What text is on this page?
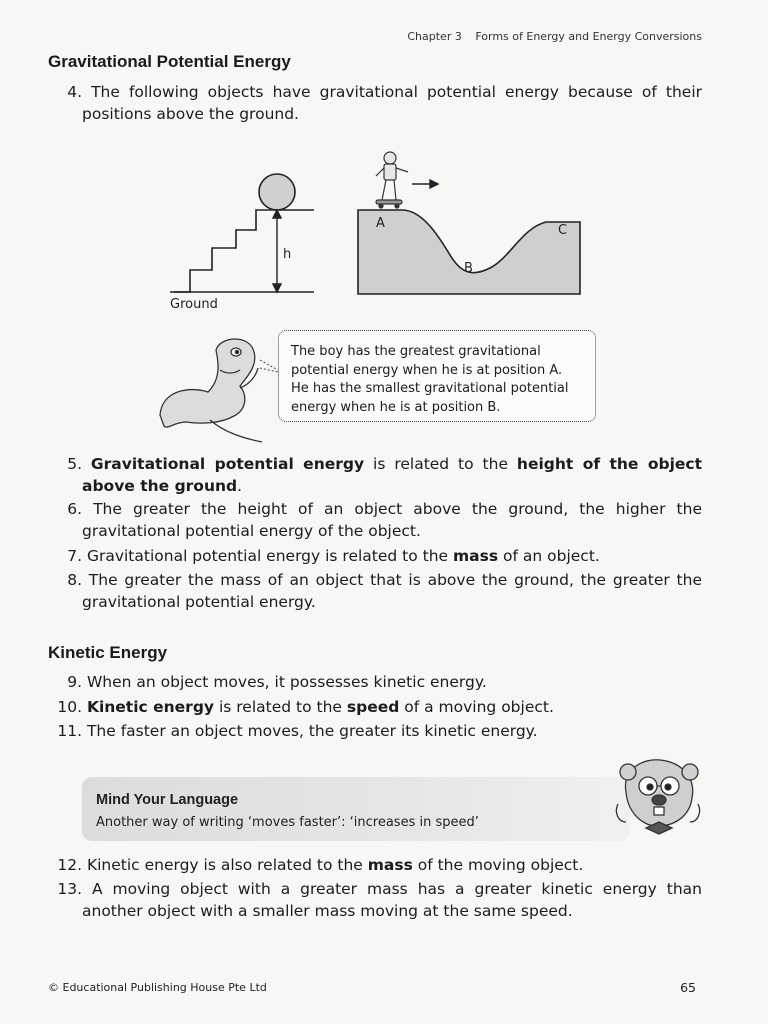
Chapter 3 Forms of Energy and Energy Conversions
Gravitational Potential Energy
4. The following objects have gravitational potential energy because of their positions above the ground.
h
A
B
C
Ground
The boy has the greatest gravitational
potential energy when he is at position A.
He has the smallest gravitational potential
energy when he is at position B.
5. Gravitational potential energy is related to the height of the object above the ground.
6. The greater the height of an object above the ground, the higher the gravitational potential energy of the object.
7. Gravitational potential energy is related to the mass of an object.
8. The greater the mass of an object that is above the ground, the greater the gravitational potential energy.
Kinetic Energy
9. When an object moves, it possesses kinetic energy.
10. Kinetic energy is related to the speed of a moving object.
11. The faster an object moves, the greater its kinetic energy.
Mind Your Language
Another way of writing ‘moves faster’: ‘increases in speed’
12. Kinetic energy is also related to the mass of the moving object.
13. A moving object with a greater mass has a greater kinetic energy than another object with a smaller mass moving at the same speed.
© Educational Publishing House Pte Ltd	65
